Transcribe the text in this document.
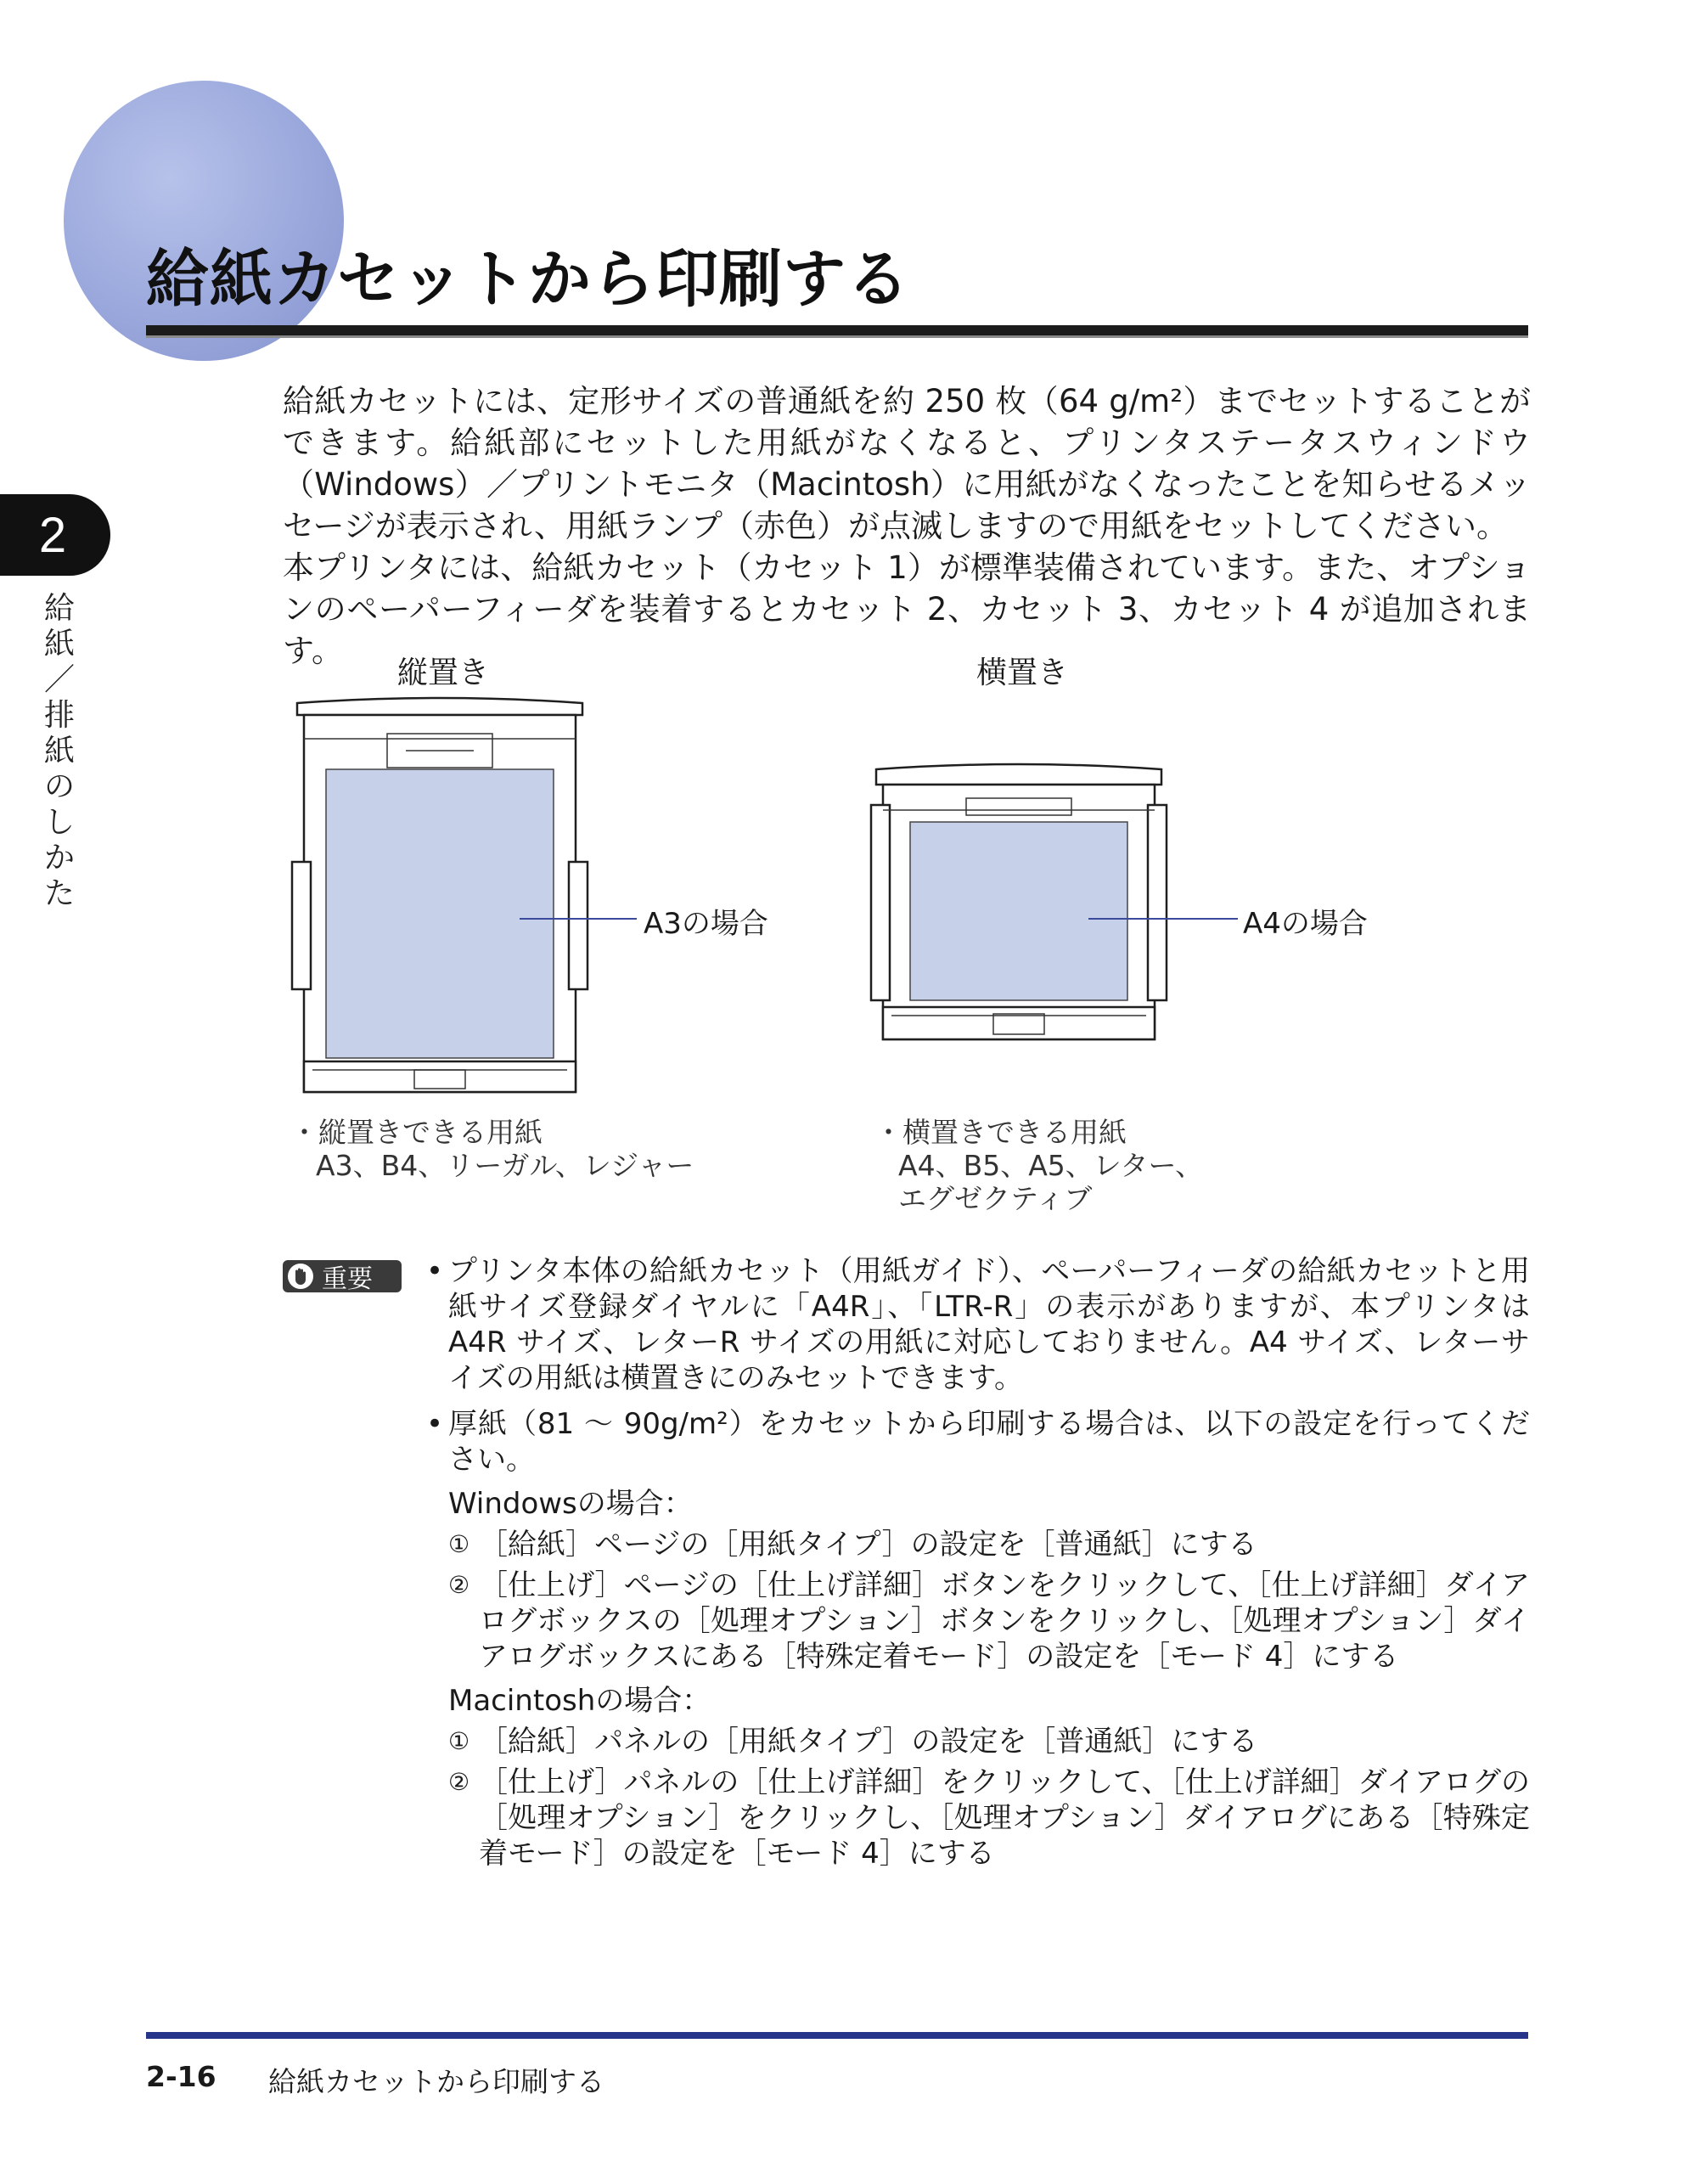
給紙カセットから印刷する
2
給紙／排紙のしかた

給紙カセットには、定形サイズの普通紙を約 250 枚（64 g/m²）までセットすることができます。給紙部にセットした用紙がなくなると、プリンタステータスウィンドウ（Windows）／プリントモニタ（Macintosh）に用紙がなくなったことを知らせるメッセージが表示され、用紙ランプ（赤色）が点滅しますので用紙をセットしてください。

本プリンタには、給紙カセット（カセット 1）が標準装備されています。また、オプションのペーパーフィーダを装着するとカセット 2、カセット 3、カセット 4 が追加されます。

縦置き
A3の場合
・縦置きできる用紙
A3、B4、リーガル、レジャー
横置き
A4の場合
・横置きできる用紙
A4、B5、A5、レター、
エグゼクティブ
重要 • プリンタ本体の給紙カセット（用紙ガイド）、ペーパーフィーダの給紙カセットと用紙サイズ登録ダイヤルに「A4R」、「LTR-R」の表示がありますが、本プリンタは A4R サイズ、レターR サイズの用紙に対応しておりません。A4 サイズ、レターサイズの用紙は横置きにのみセットできます。
• 厚紙（81 〜 90g/m²）をカセットから印刷する場合は、以下の設定を行ってください。
Windowsの場合：
① ［給紙］ページの［用紙タイプ］の設定を［普通紙］にする
② ［仕上げ］ページの［仕上げ詳細］ボタンをクリックして、［仕上げ詳細］ダイアログボックスの［処理オプション］ボタンをクリックし、［処理オプション］ダイアログボックスにある［特殊定着モード］の設定を［モード 4］にする
Macintoshの場合：
① ［給紙］パネルの［用紙タイプ］の設定を［普通紙］にする
② ［仕上げ］パネルの［仕上げ詳細］をクリックして、［仕上げ詳細］ダイアログの［処理オプション］をクリックし、［処理オプション］ダイアログにある［特殊定着モード］の設定を［モード 4］にする
2-16 給紙カセットから印刷する
